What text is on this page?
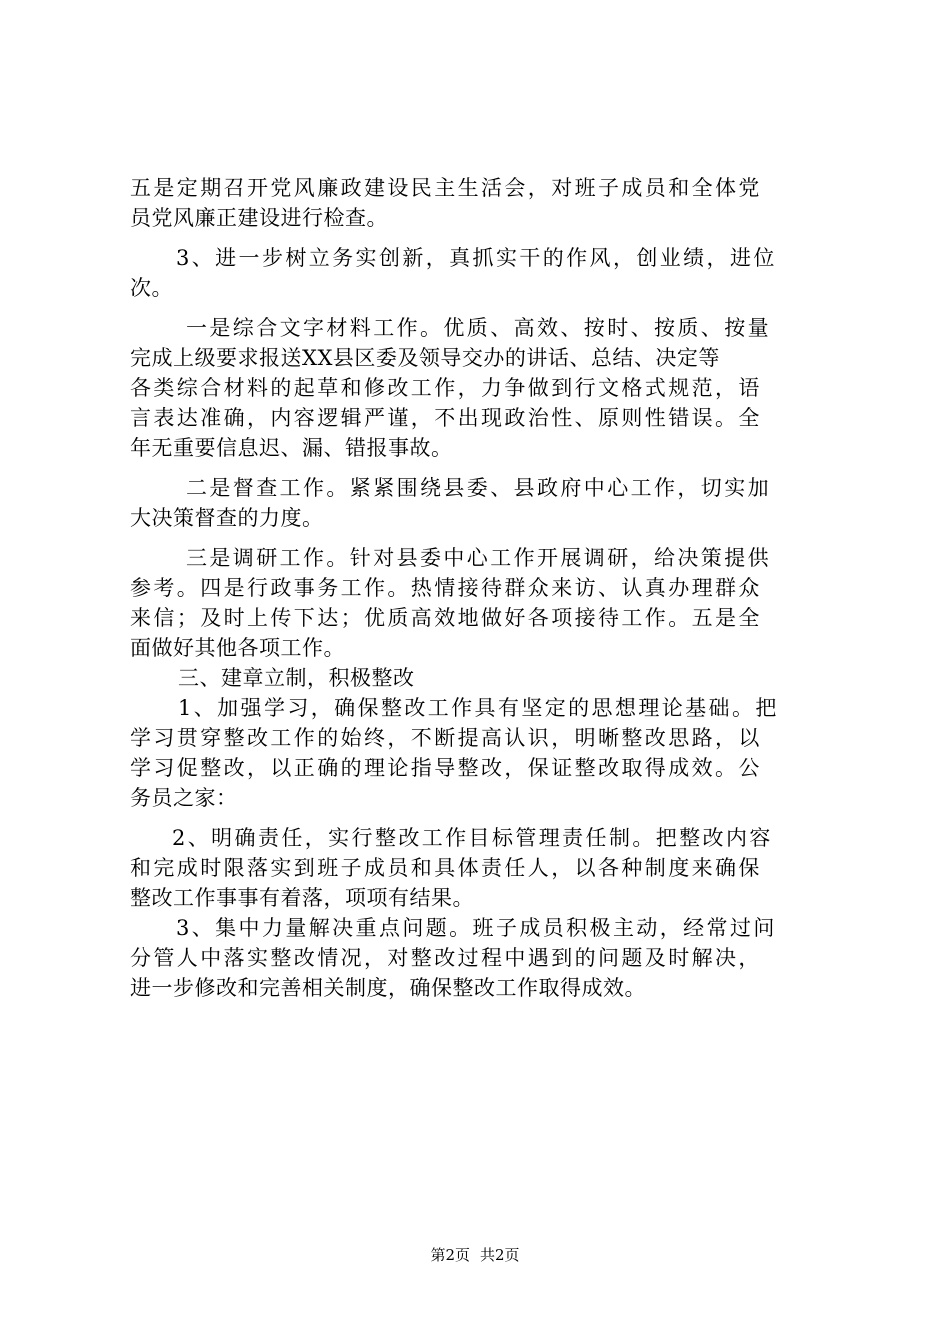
五是定期召开党风廉政建设民主生活会，对班子成员和全体党
员党风廉正建设进行检查。
3、进一步树立务实创新，真抓实干的作风，创业绩，进位
次。
一是综合文字材料工作。优质、高效、按时、按质、按量
完成上级要求报送XX县区委及领导交办的讲话、总结、决定等
各类综合材料的起草和修改工作，力争做到行文格式规范，语
言表达准确，内容逻辑严谨，不出现政治性、原则性错误。全
年无重要信息迟、漏、错报事故。
二是督查工作。紧紧围绕县委、县政府中心工作，切实加
大决策督查的力度。
三是调研工作。针对县委中心工作开展调研，给决策提供
参考。四是行政事务工作。热情接待群众来访、认真办理群众
来信；及时上传下达；优质高效地做好各项接待工作。五是全
面做好其他各项工作。
三、建章立制，积极整改
1、加强学习，确保整改工作具有坚定的思想理论基础。把
学习贯穿整改工作的始终，不断提高认识，明晰整改思路，以
学习促整改，以正确的理论指导整改，保证整改取得成效。公
务员之家：
2、明确责任，实行整改工作目标管理责任制。把整改内容
和完成时限落实到班子成员和具体责任人，以各种制度来确保
整改工作事事有着落，项项有结果。
3、集中力量解决重点问题。班子成员积极主动，经常过问
分管人中落实整改情况，对整改过程中遇到的问题及时解决，
进一步修改和完善相关制度，确保整改工作取得成效。
第2页 共2页
